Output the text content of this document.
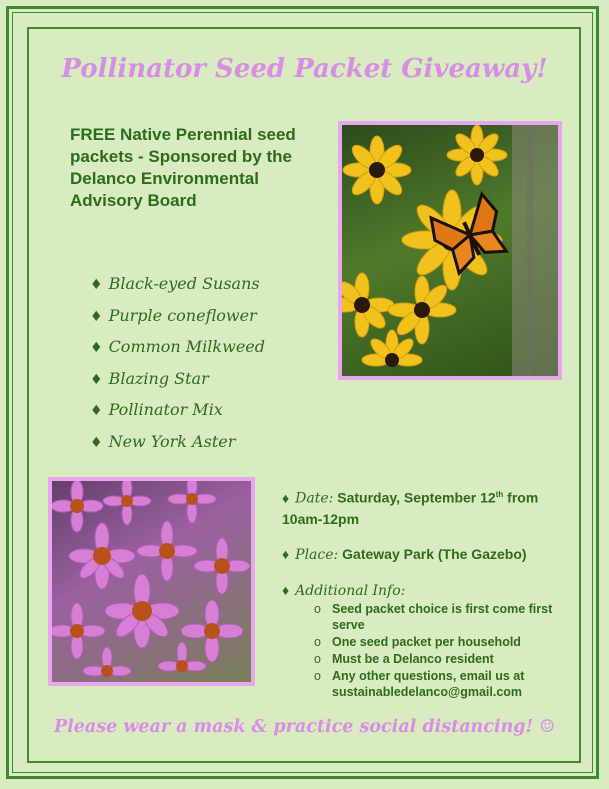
Pollinator Seed Packet Giveaway!
FREE Native Perennial seed packets - Sponsored by the Delanco Environmental Advisory Board
♦ Black-eyed Susans
♦ Purple coneflower
♦ Common Milkweed
♦ Blazing Star
♦ Pollinator Mix
♦ New York Aster
♦ Date: Saturday, September 12th from 10am-12pm
♦ Place: Gateway Park (The Gazebo)
♦ Additional Info:
o Seed packet choice is first come first serve
o One seed packet per household
o Must be a Delanco resident
o Any other questions, email us at sustainabledelanco@gmail.com
Please wear a mask & practice social distancing! ☺
